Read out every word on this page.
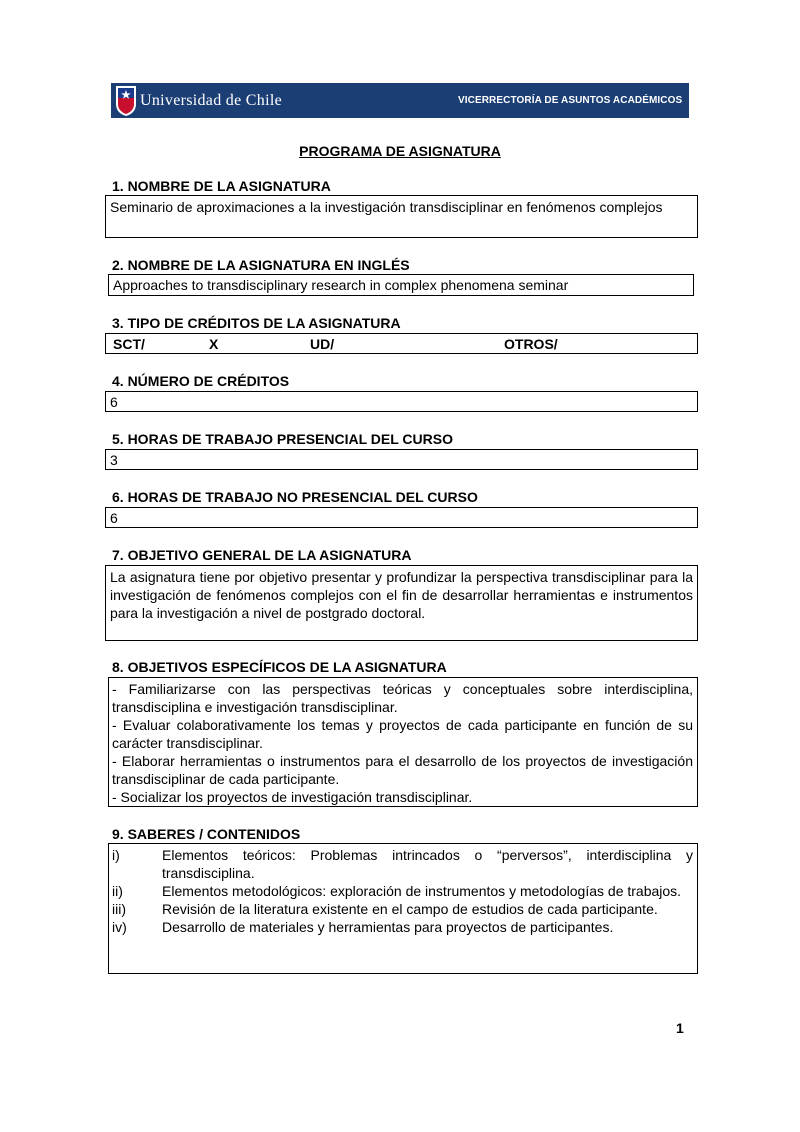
Universidad de Chile	VICERRECTORÍA DE ASUNTOS ACADÉMICOS
PROGRAMA DE ASIGNATURA
1. NOMBRE DE LA ASIGNATURA
Seminario de aproximaciones a la investigación transdisciplinar en fenómenos complejos
2. NOMBRE DE LA ASIGNATURA EN INGLÉS
Approaches to transdisciplinary research in complex phenomena seminar
3. TIPO DE CRÉDITOS DE LA ASIGNATURA
SCT/	X	UD/	OTROS/
4. NÚMERO DE CRÉDITOS
6
5. HORAS DE TRABAJO PRESENCIAL DEL CURSO
3
6. HORAS DE TRABAJO NO PRESENCIAL DEL CURSO
6
7. OBJETIVO GENERAL DE LA ASIGNATURA
La asignatura tiene por objetivo presentar y profundizar la perspectiva transdisciplinar para la investigación de fenómenos complejos con el fin de desarrollar herramientas e instrumentos para la investigación a nivel de postgrado doctoral.
8. OBJETIVOS ESPECÍFICOS DE LA ASIGNATURA
- Familiarizarse con las perspectivas teóricas y conceptuales sobre interdisciplina, transdisciplina e investigación transdisciplinar.
- Evaluar colaborativamente los temas y proyectos de cada participante en función de su carácter transdisciplinar.
- Elaborar herramientas o instrumentos para el desarrollo de los proyectos de investigación transdisciplinar de cada participante.
- Socializar los proyectos de investigación transdisciplinar.
9. SABERES / CONTENIDOS
i)	Elementos teóricos: Problemas intrincados o “perversos”, interdisciplina y transdisciplina.
ii)	Elementos metodológicos: exploración de instrumentos y metodologías de trabajos.
iii)	Revisión de la literatura existente en el campo de estudios de cada participante.
iv)	Desarrollo de materiales y herramientas para proyectos de participantes.
1
